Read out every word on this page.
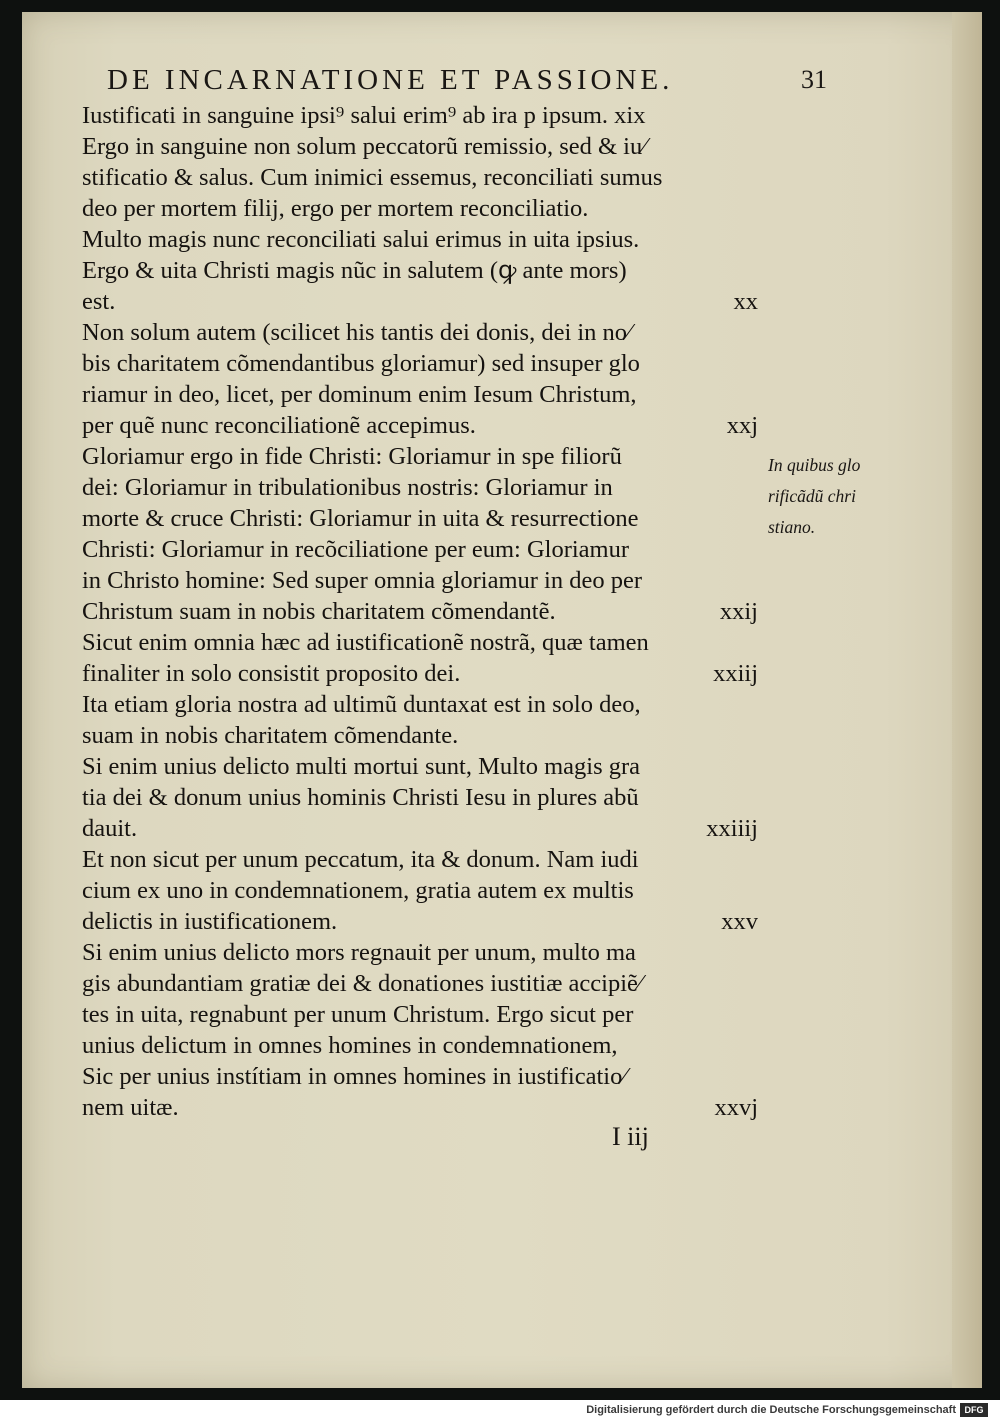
DE INCARNATIONE ET PASSIONE.	31
Iustificati in sanguine ipsi⁹ salui erim⁹ ab ira p ipsum. xix
Ergo in sanguine non solum peccatorũ remissio, sed & iu⁄
stificatio & salus. Cum inimici essemus, reconciliati sumus
deo per mortem filij, ergo per mortem reconciliatio.
Multo magis nunc reconciliati salui erimus in uita ipsius.
Ergo & uita Christi magis nũc in salutem (ꝙ ante mors)
est.	xx
Non solum autem (scilicet his tantis dei donis, dei in no⁄
bis charitatem cõmendantibus gloriamur) sed insuper glo
riamur in deo, licet, per dominum enim Iesum Christum,
per quẽ nunc reconciliationẽ accepimus.	xxj
Gloriamur ergo in fide Christi: Gloriamur in spe filiorũ
dei: Gloriamur in tribulationibus nostris: Gloriamur in
morte & cruce Christi: Gloriamur in uita & resurrectione
Christi: Gloriamur in recõciliatione per eum: Gloriamur
in Christo homine: Sed super omnia gloriamur in deo per
Christum suam in nobis charitatem cõmendantẽ.	xxij
Sicut enim omnia hæc ad iustificationẽ nostrã, quæ tamen
finaliter in solo consistit proposito dei.	xxiij
Ita etiam gloria nostra ad ultimũ duntaxat est in solo deo,
suam in nobis charitatem cõmendante.
Si enim unius delicto multi mortui sunt, Multo magis gra
tia dei & donum unius hominis Christi Iesu in plures abũ
dauit.	xxiiij
Et non sicut per unum peccatum, ita & donum. Nam iudi
cium ex uno in condemnationem, gratia autem ex multis
delictis in iustificationem.	xxv
Si enim unius delicto mors regnauit per unum, multo ma
gis abundantiam gratiæ dei & donationes iustitiæ accipiẽ⁄
tes in uita, regnabunt per unum Christum. Ergo sicut per
unius delictum in omnes homines in condemnationem,
Sic per unius instítiam in omnes homines in iustificatio⁄
nem uitæ.	xxvj
In quibus glo
rificãdũ chri
stiano.
I iij
Digitalisierung gefördert durch die Deutsche Forschungsgemeinschaft DFG
